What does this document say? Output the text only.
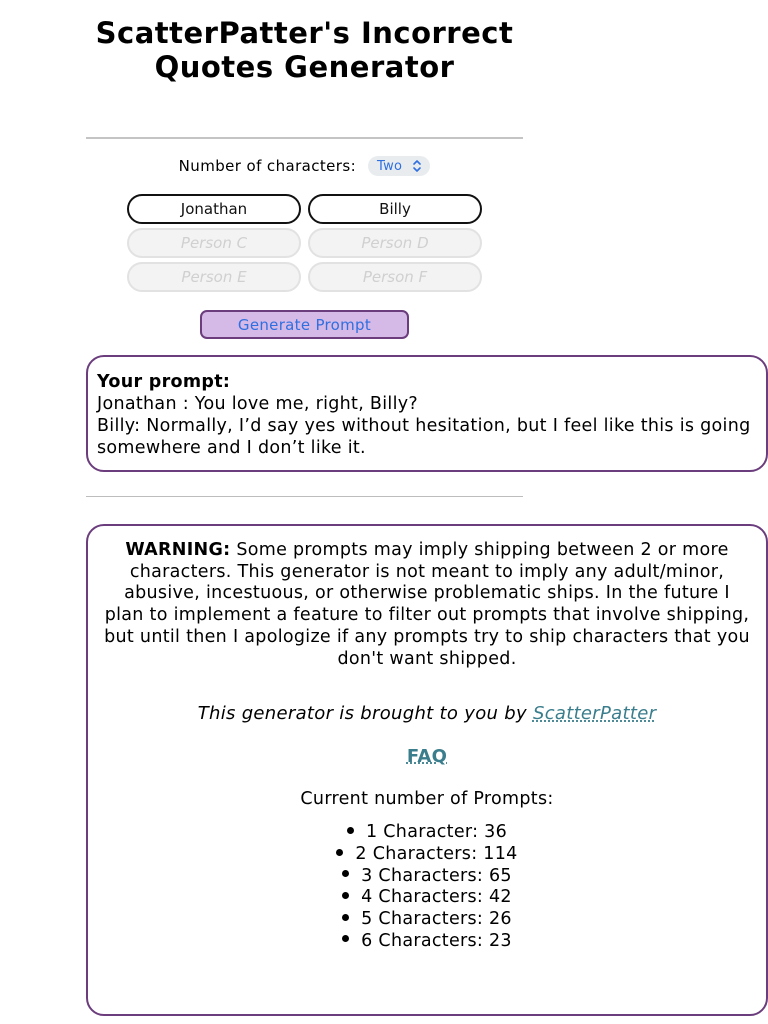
ScatterPatter's Incorrect Quotes Generator
Number of characters: Two
Jonathan
Billy
Person C
Person D
Person E
Person F
Generate Prompt
Your prompt:
Jonathan : You love me, right, Billy?
Billy: Normally, I’d say yes without hesitation, but I feel like this is going somewhere and I don’t like it.

WARNING: Some prompts may imply shipping between 2 or more characters. This generator is not meant to imply any adult/minor, abusive, incestuous, or otherwise problematic ships. In the future I plan to implement a feature to filter out prompts that involve shipping, but until then I apologize if any prompts try to ship characters that you don't want shipped.

This generator is brought to you by ScatterPatter

FAQ

Current number of Prompts:

1 Character: 36
2 Characters: 114
3 Characters: 65
4 Characters: 42
5 Characters: 26
6 Characters: 23
